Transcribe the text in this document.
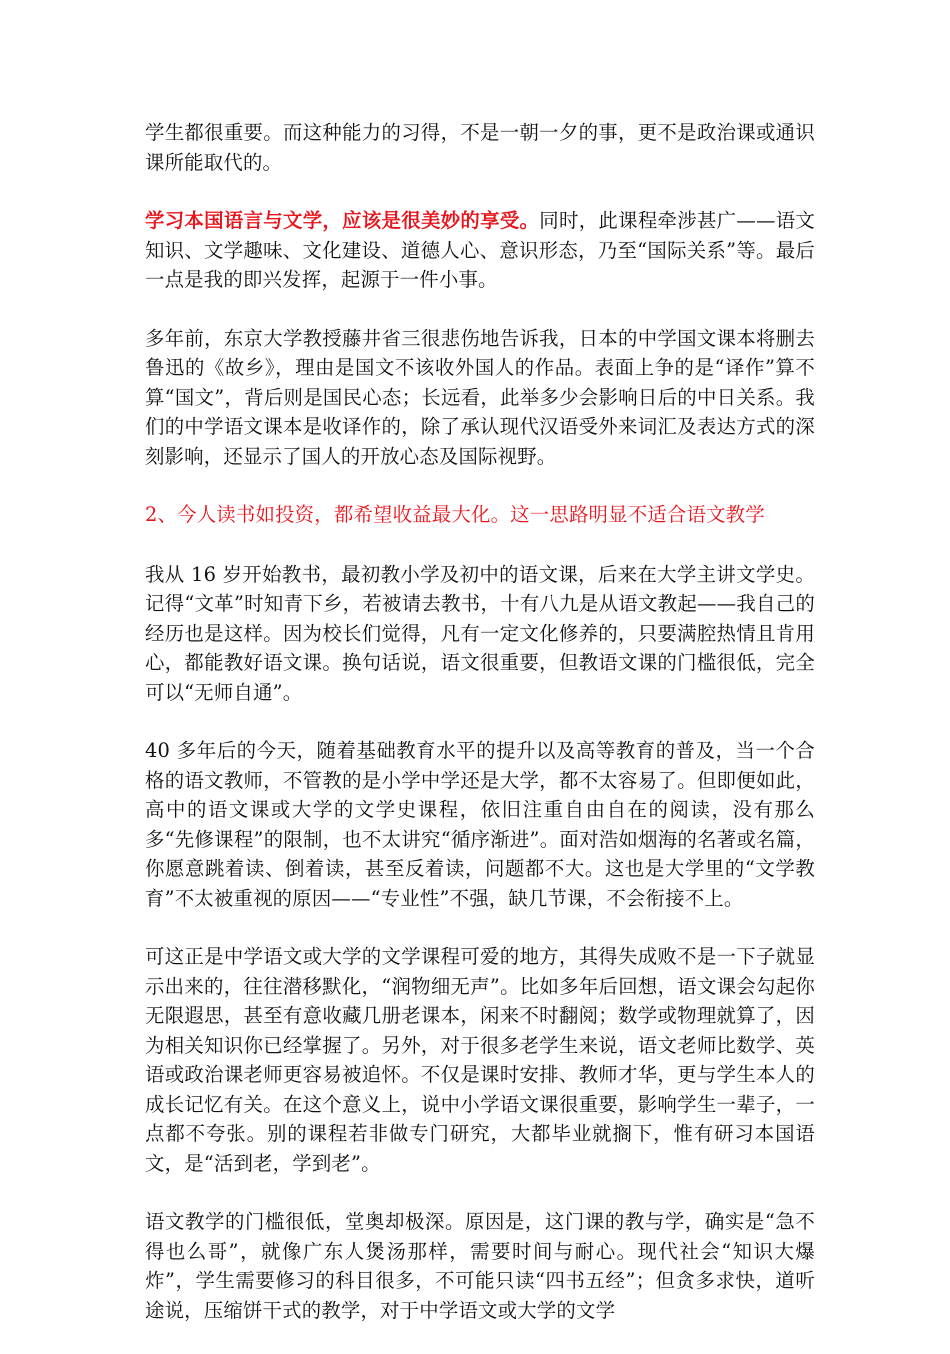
学生都很重要。而这种能力的习得，不是一朝一夕的事，更不是政治课或通识课所能取代的。

学习本国语言与文学，应该是很美妙的享受。同时，此课程牵涉甚广——语文知识、文学趣味、文化建设、道德人心、意识形态，乃至“国际关系”等。最后一点是我的即兴发挥，起源于一件小事。

多年前，东京大学教授藤井省三很悲伤地告诉我，日本的中学国文课本将删去鲁迅的《故乡》，理由是国文不该收外国人的作品。表面上争的是“译作”算不算“国文”，背后则是国民心态；长远看，此举多少会影响日后的中日关系。我们的中学语文课本是收译作的，除了承认现代汉语受外来词汇及表达方式的深刻影响，还显示了国人的开放心态及国际视野。

2、今人读书如投资，都希望收益最大化。这一思路明显不适合语文教学

我从 16 岁开始教书，最初教小学及初中的语文课，后来在大学主讲文学史。记得“文革”时知青下乡，若被请去教书，十有八九是从语文教起——我自己的经历也是这样。因为校长们觉得，凡有一定文化修养的，只要满腔热情且肯用心，都能教好语文课。换句话说，语文很重要，但教语文课的门槛很低，完全可以“无师自通”。

40 多年后的今天，随着基础教育水平的提升以及高等教育的普及，当一个合格的语文教师，不管教的是小学中学还是大学，都不太容易了。但即便如此，高中的语文课或大学的文学史课程，依旧注重自由自在的阅读，没有那么多“先修课程”的限制，也不太讲究“循序渐进”。面对浩如烟海的名著或名篇，你愿意跳着读、倒着读，甚至反着读，问题都不大。这也是大学里的“文学教育”不太被重视的原因——“专业性”不强，缺几节课，不会衔接不上。

可这正是中学语文或大学的文学课程可爱的地方，其得失成败不是一下子就显示出来的，往往潜移默化，“润物细无声”。比如多年后回想，语文课会勾起你无限遐思，甚至有意收藏几册老课本，闲来不时翻阅；数学或物理就算了，因为相关知识你已经掌握了。另外，对于很多老学生来说，语文老师比数学、英语或政治课老师更容易被追怀。不仅是课时安排、教师才华，更与学生本人的成长记忆有关。在这个意义上，说中小学语文课很重要，影响学生一辈子，一点都不夸张。别的课程若非做专门研究，大都毕业就搁下，惟有研习本国语文，是“活到老，学到老”。

语文教学的门槛很低，堂奥却极深。原因是，这门课的教与学，确实是“急不得也么哥”，就像广东人煲汤那样，需要时间与耐心。现代社会“知识大爆炸”，学生需要修习的科目很多，不可能只读“四书五经”；但贪多求快，道听途说，压缩饼干式的教学，对于中学语文或大学的文学
